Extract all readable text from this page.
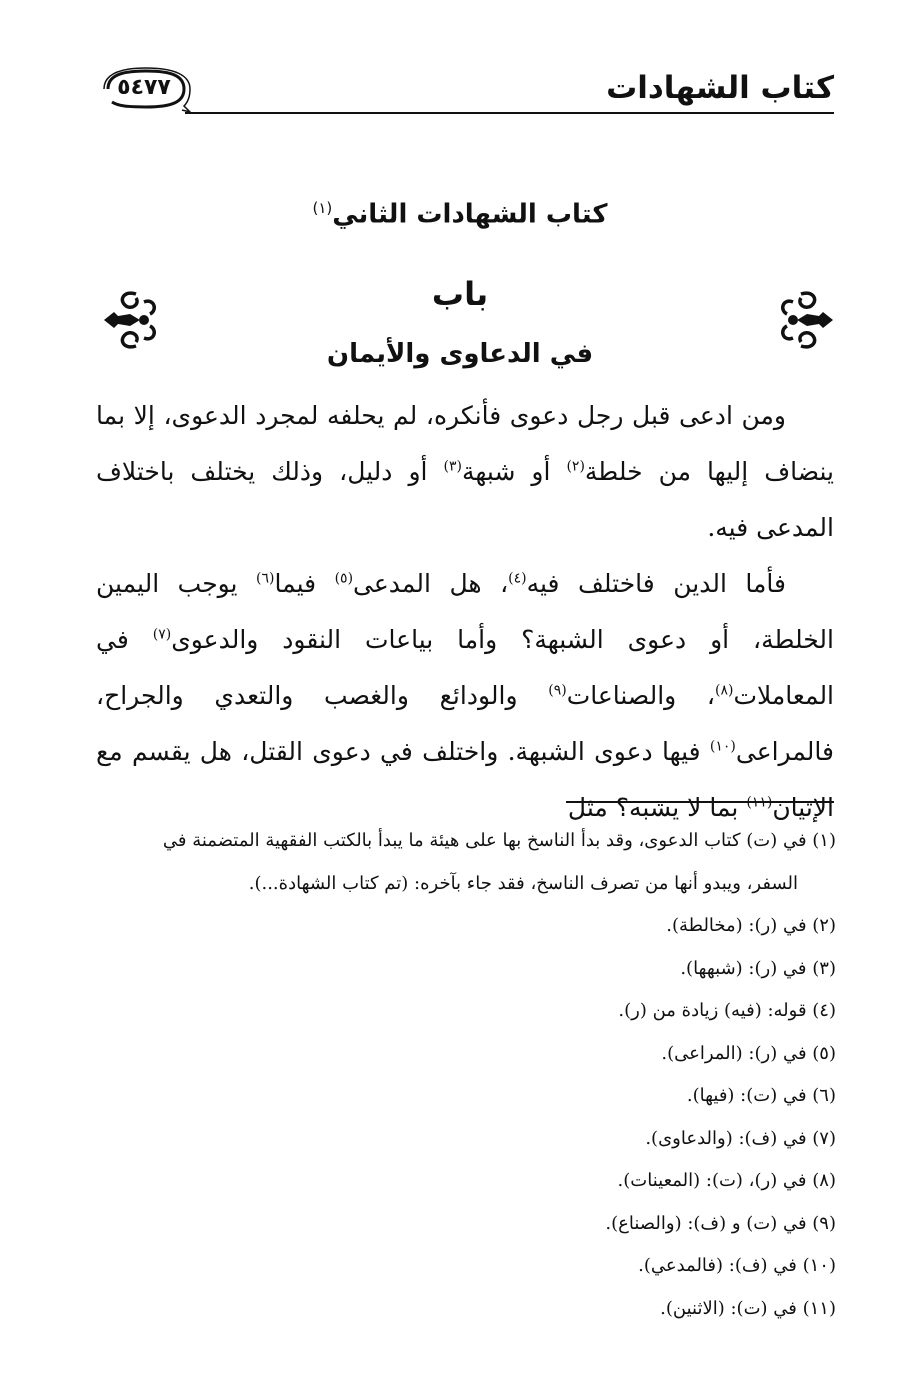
٥٤٧٧	كتاب الشهادات
كتاب الشهادات الثاني$^{(١)}$
باب
في الدعاوى والأيمان

ومن ادعى قبل رجل دعوى فأنكره، لم يحلفه لمجرد الدعوى، إلا بما ينضاف إليها من خلطة$^{(٢)}$ أو شبهة$^{(٣)}$ أو دليل، وذلك يختلف باختلاف المدعى فيه.

فأما الدين فاختلف فيه$^{(٤)}$، هل المدعى$^{(٥)}$ فيما$^{(٦)}$ يوجب اليمين الخلطة، أو دعوى الشبهة؟ وأما بياعات النقود والدعوى$^{(٧)}$ في المعاملات$^{(٨)}$، والصناعات$^{(٩)}$ والودائع والغصب والتعدي والجراح، فالمراعى$^{(١٠)}$ فيها دعوى الشبهة. واختلف في دعوى القتل، هل يقسم مع الإتيان$^{(١١)}$ بما لا يشبه؟ مثل

(١) في (ت) كتاب الدعوى، وقد بدأ الناسخ بها على هيئة ما يبدأ بالكتب الفقهية المتضمنة في
السفر، ويبدو أنها من تصرف الناسخ، فقد جاء بآخره: (تم كتاب الشهادة...).
(٢) في (ر): (مخالطة).
(٣) في (ر): (شبهها).
(٤) قوله: (فيه) زيادة من (ر).
(٥) في (ر): (المراعى).
(٦) في (ت): (فيها).
(٧) في (ف): (والدعاوى).
(٨) في (ر)، (ت): (المعينات).
(٩) في (ت) و (ف): (والصناع).
(١٠) في (ف): (فالمدعي).
(١١) في (ت): (الاثنين).
